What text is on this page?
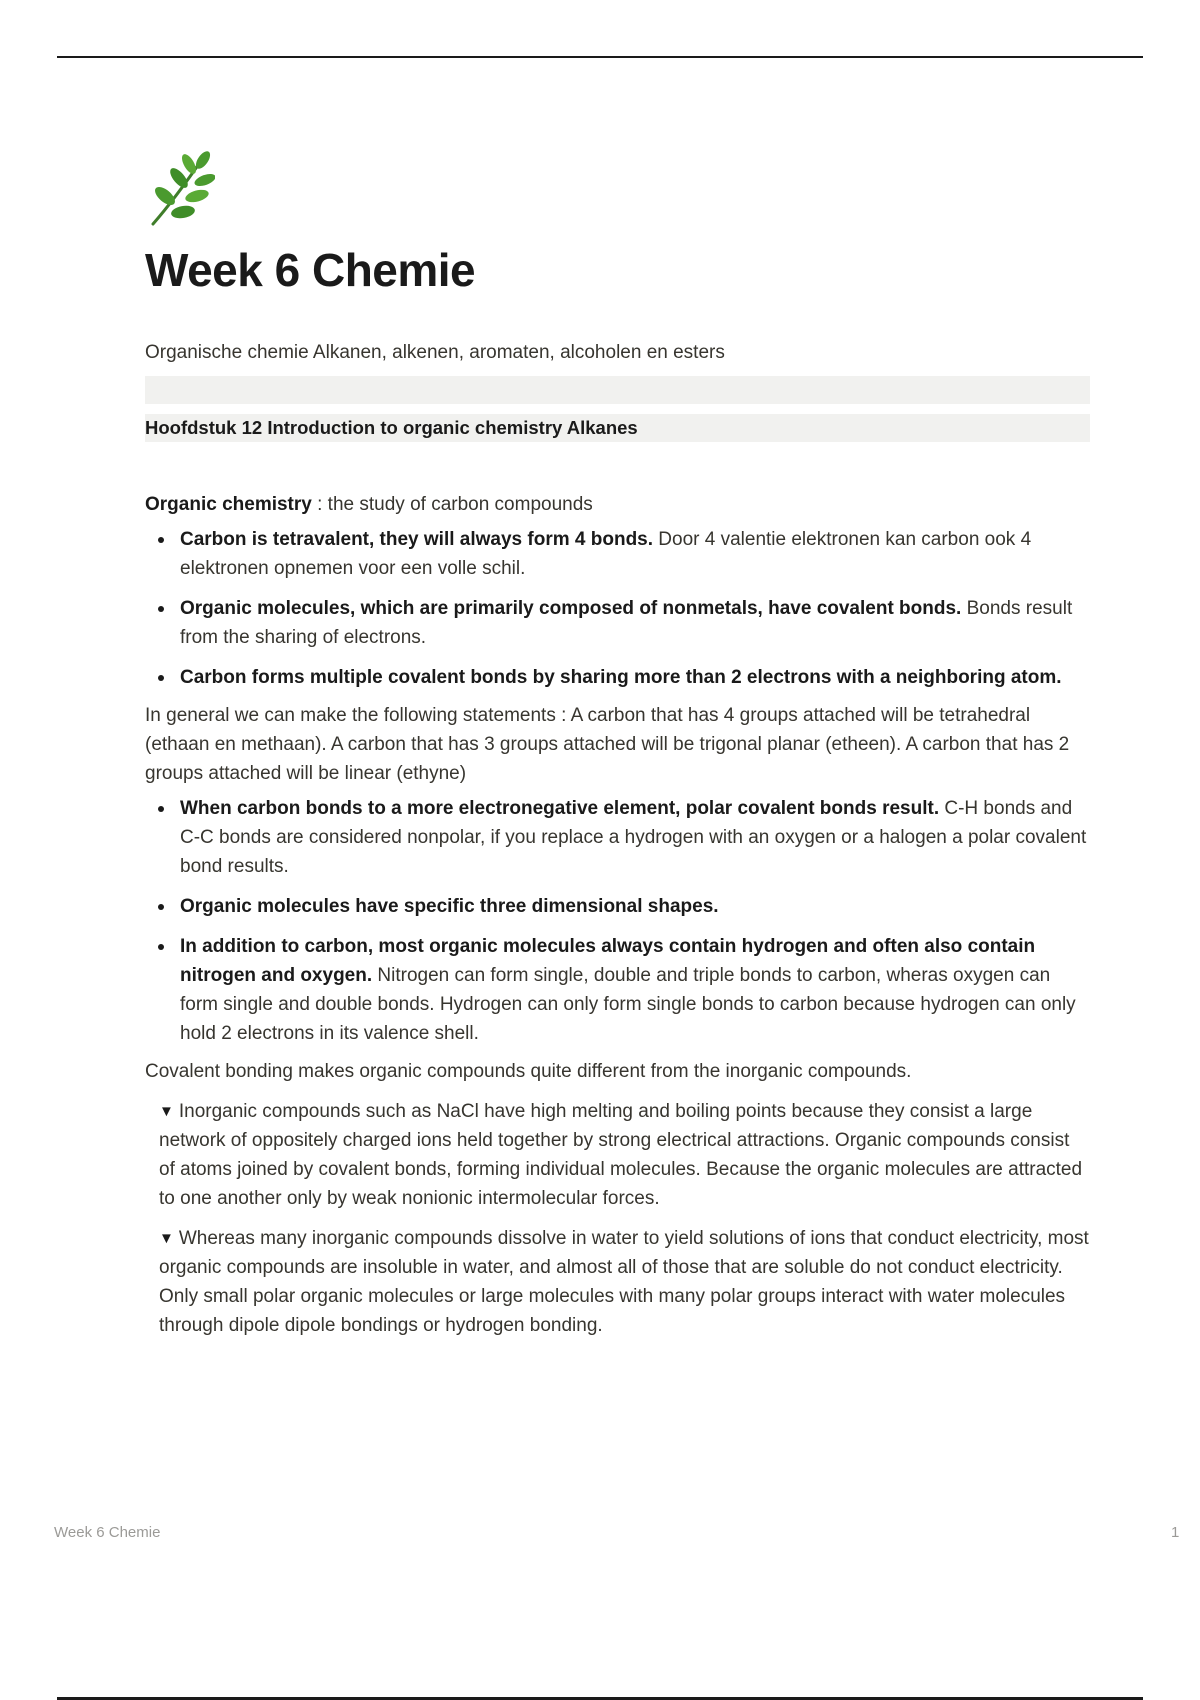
Week 6 Chemie
Organische chemie Alkanen, alkenen, aromaten, alcoholen en esters
Hoofdstuk 12 Introduction to organic chemistry Alkanes

Organic chemistry : the study of carbon compounds

Carbon is tetravalent, they will always form 4 bonds. Door 4 valentie elektronen kan carbon ook 4 elektronen opnemen voor een volle schil.
Organic molecules, which are primarily composed of nonmetals, have covalent bonds. Bonds result from the sharing of electrons.
Carbon forms multiple covalent bonds by sharing more than 2 electrons with a neighboring atom.

In general we can make the following statements : A carbon that has 4 groups attached will be tetrahedral (ethaan en methaan). A carbon that has 3 groups attached will be trigonal planar (etheen). A carbon that has 2 groups attached will be linear (ethyne)

When carbon bonds to a more electronegative element, polar covalent bonds result. C-H bonds and C-C bonds are considered nonpolar, if you replace a hydrogen with an oxygen or a halogen a polar covalent bond results.
Organic molecules have specific three dimensional shapes.
In addition to carbon, most organic molecules always contain hydrogen and often also contain nitrogen and oxygen. Nitrogen can form single, double and triple bonds to carbon, wheras oxygen can form single and double bonds. Hydrogen can only form single bonds to carbon because hydrogen can only hold 2 electrons in its valence shell.

Covalent bonding makes organic compounds quite different from the inorganic compounds.

▼ Inorganic compounds such as NaCl have high melting and boiling points because they consist a large network of oppositely charged ions held together by strong electrical attractions. Organic compounds consist of atoms joined by covalent bonds, forming individual molecules. Because the organic molecules are attracted to one another only by weak nonionic intermolecular forces.
▼ Whereas many inorganic compounds dissolve in water to yield solutions of ions that conduct electricity, most organic compounds are insoluble in water, and almost all of those that are soluble do not conduct electricity. Only small polar organic molecules or large molecules with many polar groups interact with water molecules through dipole dipole bondings or hydrogen bonding.
Week 6 Chemie	1
